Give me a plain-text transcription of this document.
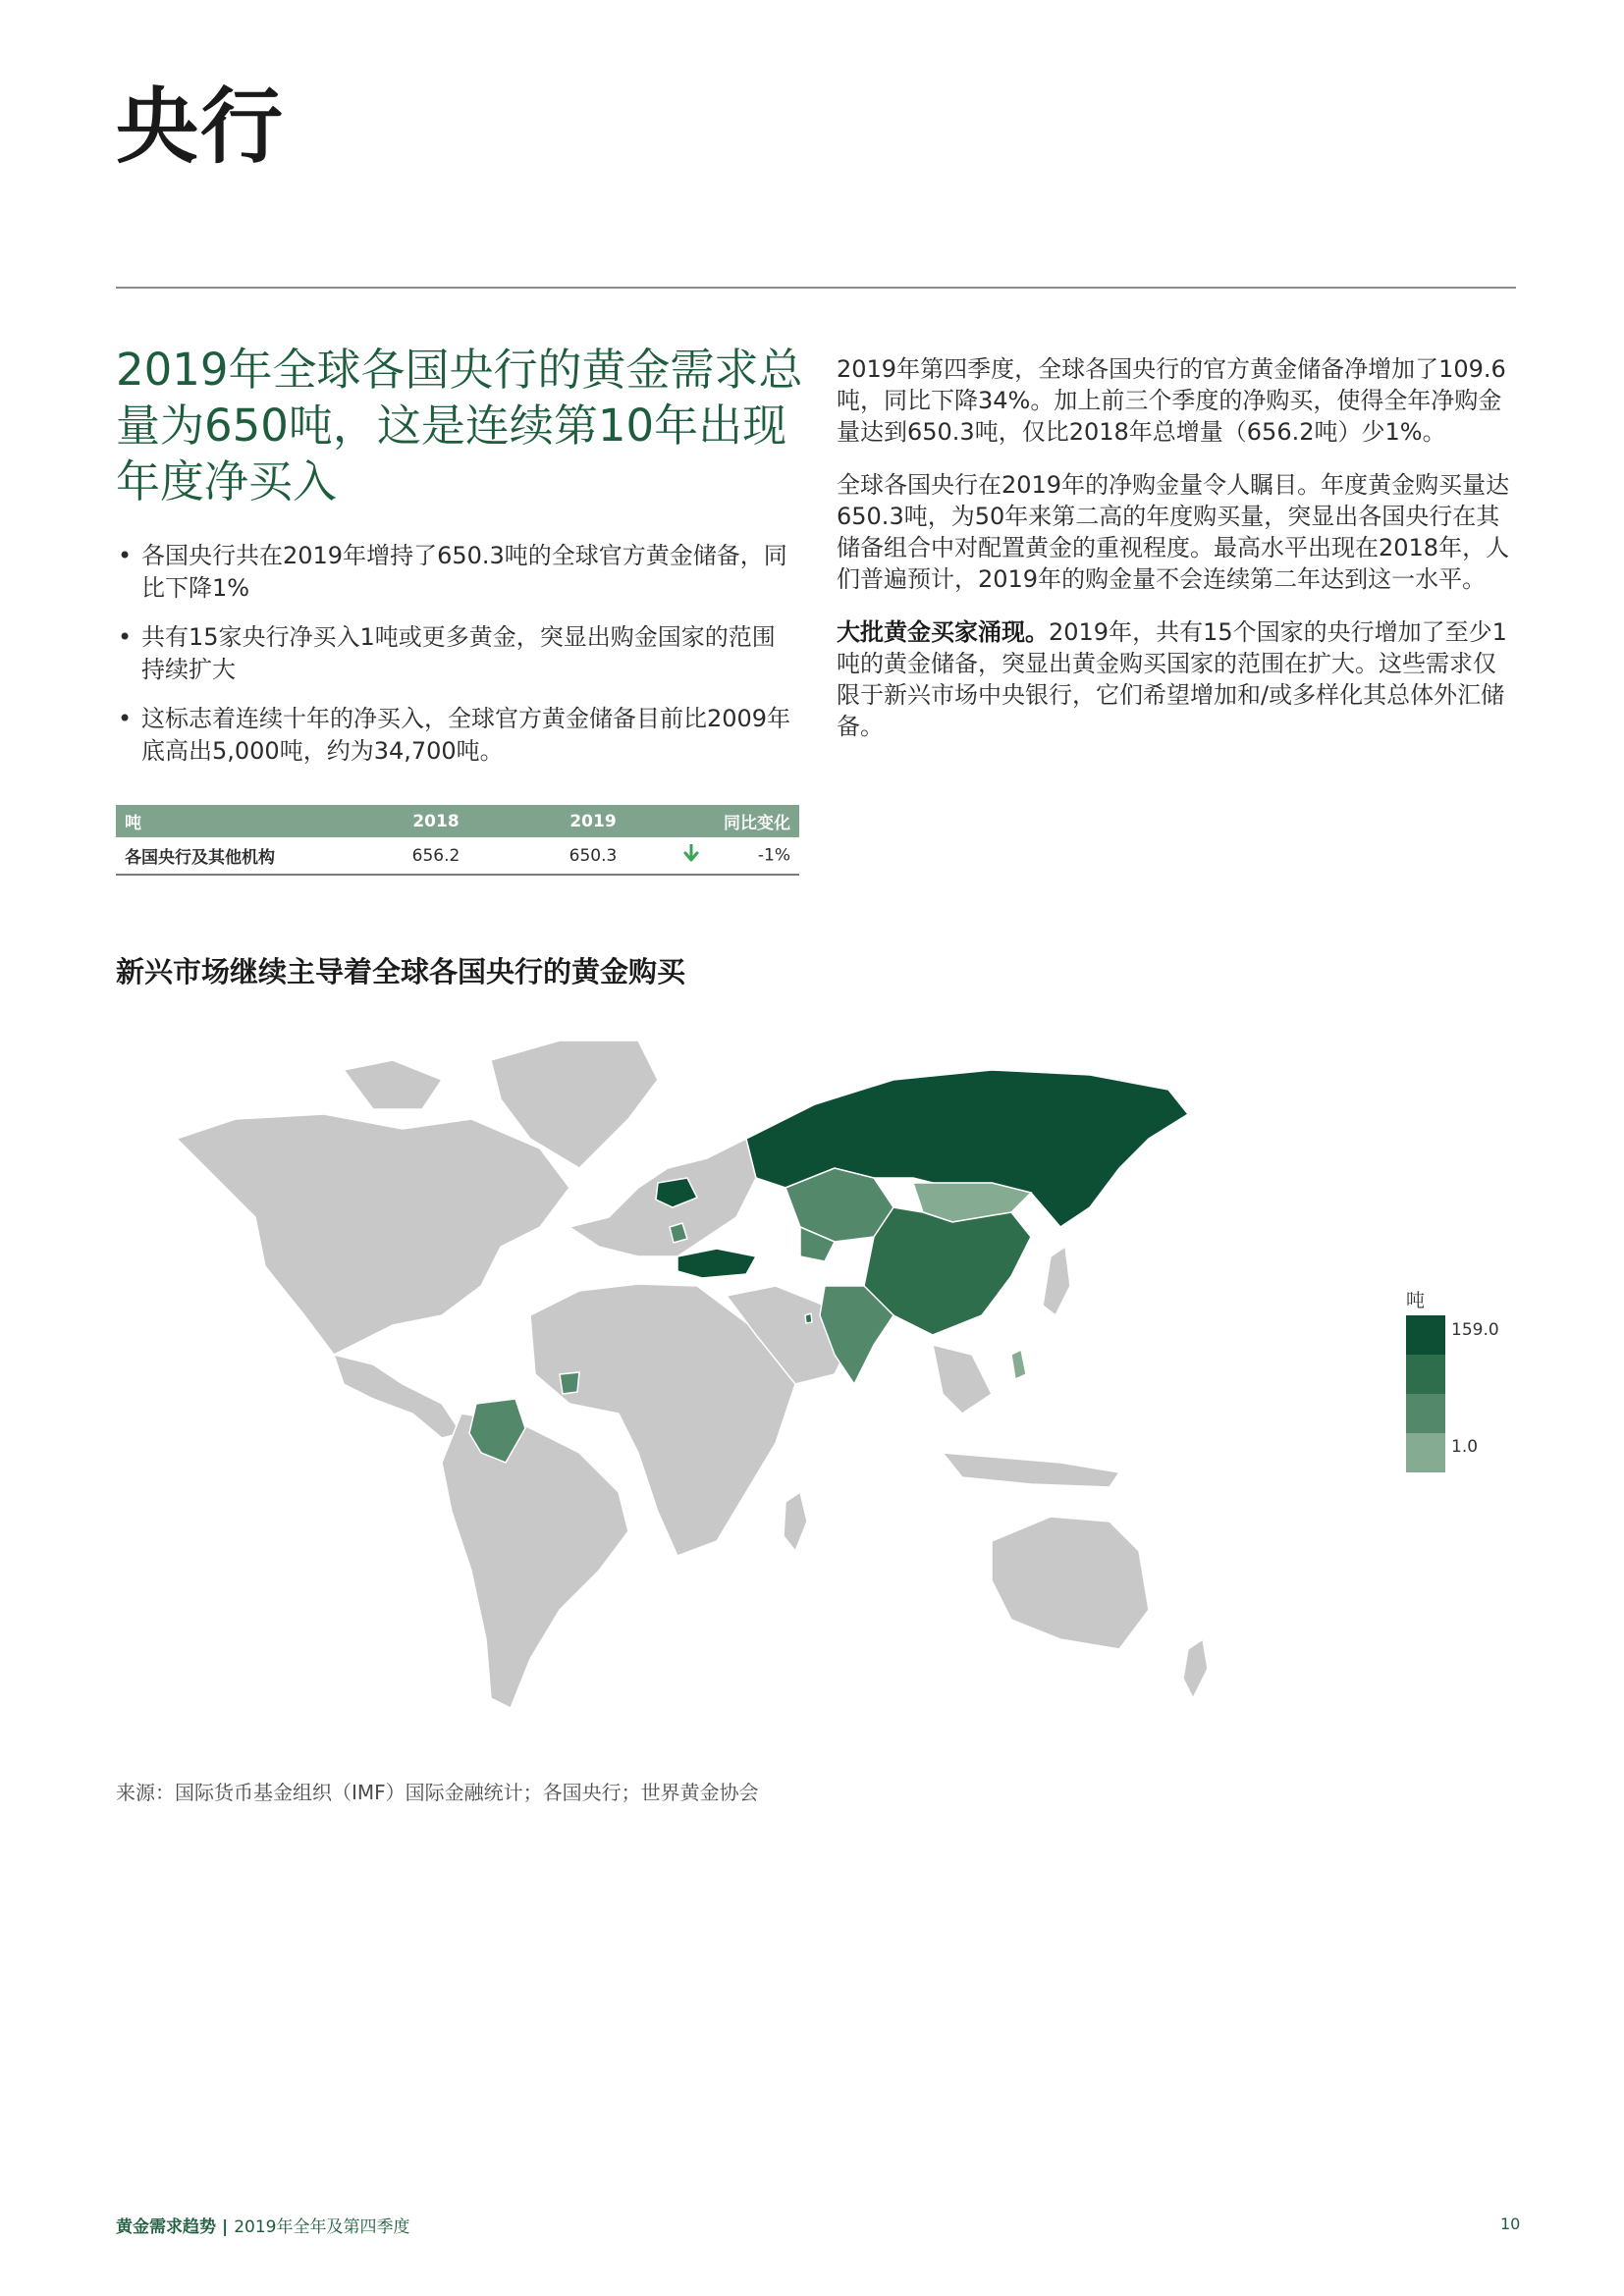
央行
2019年全球各国央行的黄金需求总量为650吨，这是连续第10年出现年度净买入
• 各国央行共在2019年增持了650.3吨的全球官方黄金储备，同比下降1%
• 共有15家央行净买入1吨或更多黄金，突显出购金国家的范围持续扩大
• 这标志着连续十年的净买入，全球官方黄金储备目前比2009年底高出5,000吨，约为34,700吨。
吨	2018	2019	同比变化
各国央行及其他机构	656.2	650.3	-1%

2019年第四季度，全球各国央行的官方黄金储备净增加了109.6吨，同比下降34%。加上前三个季度的净购买，使得全年净购金量达到650.3吨，仅比2018年总增量（656.2吨）少1%。

全球各国央行在2019年的净购金量令人瞩目。年度黄金购买量达650.3吨，为50年来第二高的年度购买量，突显出各国央行在其储备组合中对配置黄金的重视程度。最高水平出现在2018年，人们普遍预计，2019年的购金量不会连续第二年达到这一水平。

大批黄金买家涌现。2019年，共有15个国家的央行增加了至少1吨的黄金储备，突显出黄金购买国家的范围在扩大。这些需求仅限于新兴市场中央银行，它们希望增加和/或多样化其总体外汇储备。

新兴市场继续主导着全球各国央行的黄金购买
吨
159.0
1.0
来源：国际货币基金组织（IMF）国际金融统计；各国央行；世界黄金协会
黄金需求趋势 | 2019年全年及第四季度	10
